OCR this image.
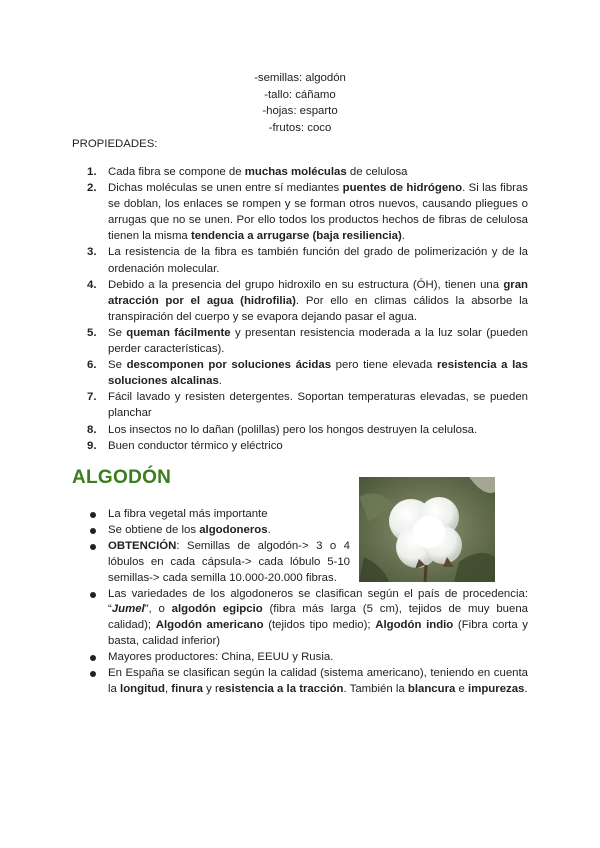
-semillas: algodón
-tallo: cáñamo
-hojas: esparto
-frutos: coco
PROPIEDADES:
1. Cada fibra se compone de muchas moléculas de celulosa
2. Dichas moléculas se unen entre sí mediantes puentes de hidrógeno. Si las fibras se doblan, los enlaces se rompen y se forman otros nuevos, causando pliegues o arrugas que no se unen. Por ello todos los productos hechos de fibras de celulosa tienen la misma tendencia a arrugarse (baja resiliencia).
3. La resistencia de la fibra es también función del grado de polimerización y de la ordenación molecular.
4. Debido a la presencia del grupo hidroxilo en su estructura (ÓH), tienen una gran atracción por el agua (hidrofilia). Por ello en climas cálidos la absorbe la transpiración del cuerpo y se evapora dejando pasar el agua.
5. Se queman fácilmente y presentan resistencia moderada a la luz solar (pueden perder características).
6. Se descomponen por soluciones ácidas pero tiene elevada resistencia a las soluciones alcalinas.
7. Fácil lavado y resisten detergentes. Soportan temperaturas elevadas, se pueden planchar
8. Los insectos no lo dañan (polillas) pero los hongos destruyen la celulosa.
9. Buen conductor térmico y eléctrico
ALGODÓN
La fibra vegetal más importante
Se obtiene de los algodoneros.
OBTENCIÓN: Semillas de algodón-> 3 o 4 lóbulos en cada cápsula-> cada lóbulo 5-10 semillas-> cada semilla 10.000-20.000 fibras.
Las variedades de los algodoneros se clasifican según el país de procedencia: “Jumel”, o algodón egipcio (fibra más larga (5 cm), tejidos de muy buena calidad); Algodón americano (tejidos tipo medio); Algodón indio (Fibra corta y basta, calidad inferior)
Mayores productores: China, EEUU y Rusia.
En España se clasifican según la calidad (sistema americano), teniendo en cuenta la longitud, finura y resistencia a la tracción. También la blancura e impurezas.
